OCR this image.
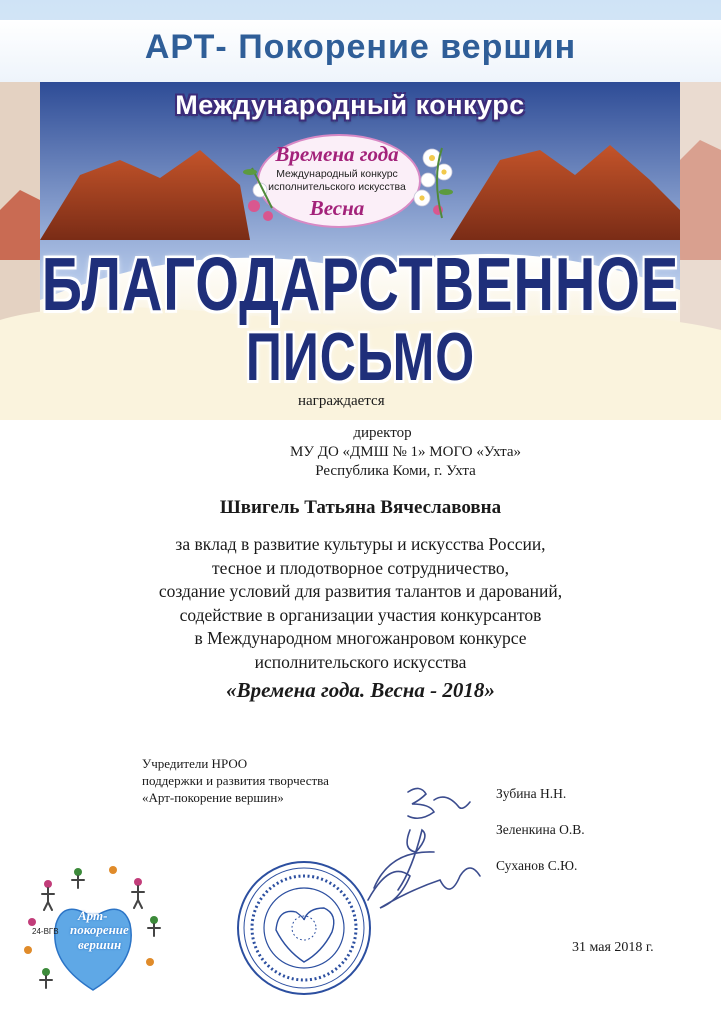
АРТ- Покорение вершин
Международный конкурс
Времена года
Международный конкурс
исполнительского искусства
Весна
БЛАГОДАРСТВЕННОЕ
ПИСЬМО
награждается
директор
МУ ДО «ДМШ № 1» МОГО «Ухта»
Республика Коми, г. Ухта
Швигель Татьяна Вячеславовна
за вклад в развитие культуры и искусства России,
тесное и плодотворное сотрудничество,
создание условий для развития талантов и дарований,
содействие в организации участия конкурсантов
в Международном многожанровом конкурсе
исполнительского искусства
«Времена года. Весна - 2018»
Учредители НРОО
поддержки и развития творчества
«Арт-покорение вершин»	Зубина Н.Н.
Зеленкина О.В.
Суханов С.Ю.
24-ВГВ
Арт-
покорение
вершин	31 мая 2018 г.
